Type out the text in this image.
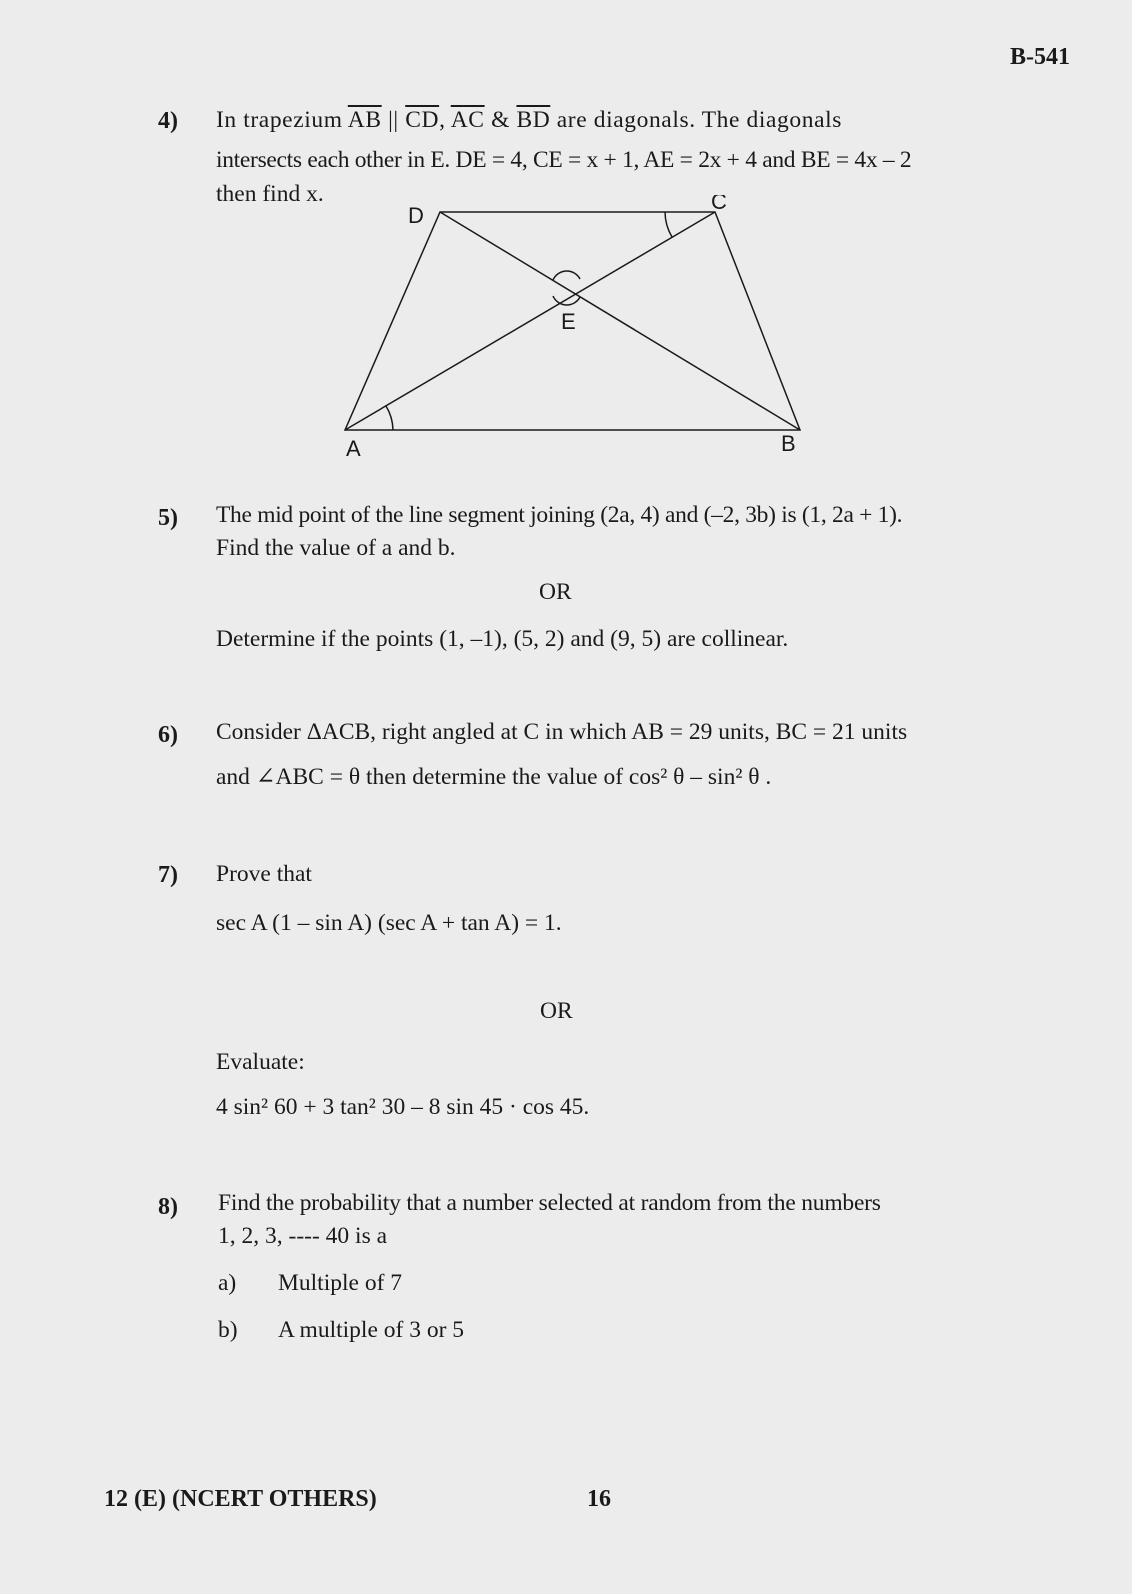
B-541
4) In trapezium $\overline{AB}$ || $\overline{CD}$, $\overline{AC}$ & $\overline{BD}$ are diagonals. The diagonals
intersects each other in E. DE = 4, CE = x + 1, AE = 2x + 4 and BE = 4x – 2
then find x.
D
C
E
A	B
5) The mid point of the line segment joining (2a, 4) and (–2, 3b) is (1, 2a + 1).
Find the value of a and b.
OR
Determine if the points (1, –1), (5, 2) and (9, 5) are collinear.
6) Consider ΔACB, right angled at C in which AB = 29 units, BC = 21 units
and ∠ABC = θ then determine the value of cos² θ – sin² θ .
7) Prove that
sec A (1 – sin A) (sec A + tan A) = 1.
OR
Evaluate:
4 sin² 60 + 3 tan² 30 – 8 sin 45 · cos 45.
8) Find the probability that a number selected at random from the numbers
1, 2, 3, ---- 40 is a
a) Multiple of 7
b) A multiple of 3 or 5
12 (E) (NCERT OTHERS)	16
